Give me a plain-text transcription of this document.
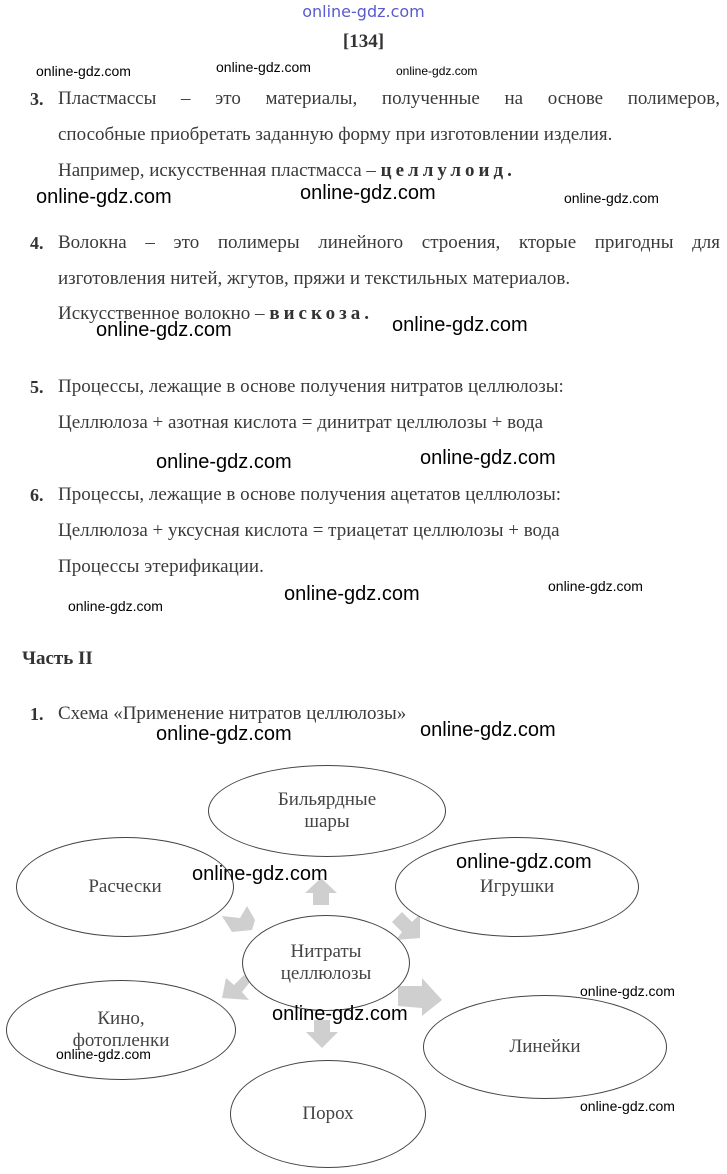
online-gdz.com
[134]
3. Пластмассы – это материалы, полученные на основе полимеров,
способные приобретать заданную форму при изготовлении изделия.
Например, искусственная пластмасса – целлулоид.
4. Волокна – это полимеры линейного строения, кторые пригодны для
изготовления нитей, жгутов, пряжи и текстильных материалов.
Искусственное волокно – вискоза.
5. Процессы, лежащие в основе получения нитратов целлюлозы:
Целлюлоза + азотная кислота = динитрат целлюлозы + вода
6. Процессы, лежащие в основе получения ацетатов целлюлозы:
Целлюлоза + уксусная кислота = триацетат целлюлозы + вода
Процессы этерификации.
Часть II
1. Схема «Применение нитратов целлюлозы»
Бильярдные
шары
Расчески	Игрушки
Нитраты
целлюлозы
Кино,
фотопленки	Линейки
Порох
online-gdz.com	online-gdz.com	online-gdz.com
online-gdz.com	online-gdz.com	online-gdz.com
online-gdz.com	online-gdz.com
online-gdz.com	online-gdz.com
online-gdz.com	online-gdz.com
online-gdz.com
online-gdz.com	online-gdz.com
online-gdz.com
online-gdz.com
online-gdz.com
online-gdz.com
online-gdz.com
online-gdz.com
